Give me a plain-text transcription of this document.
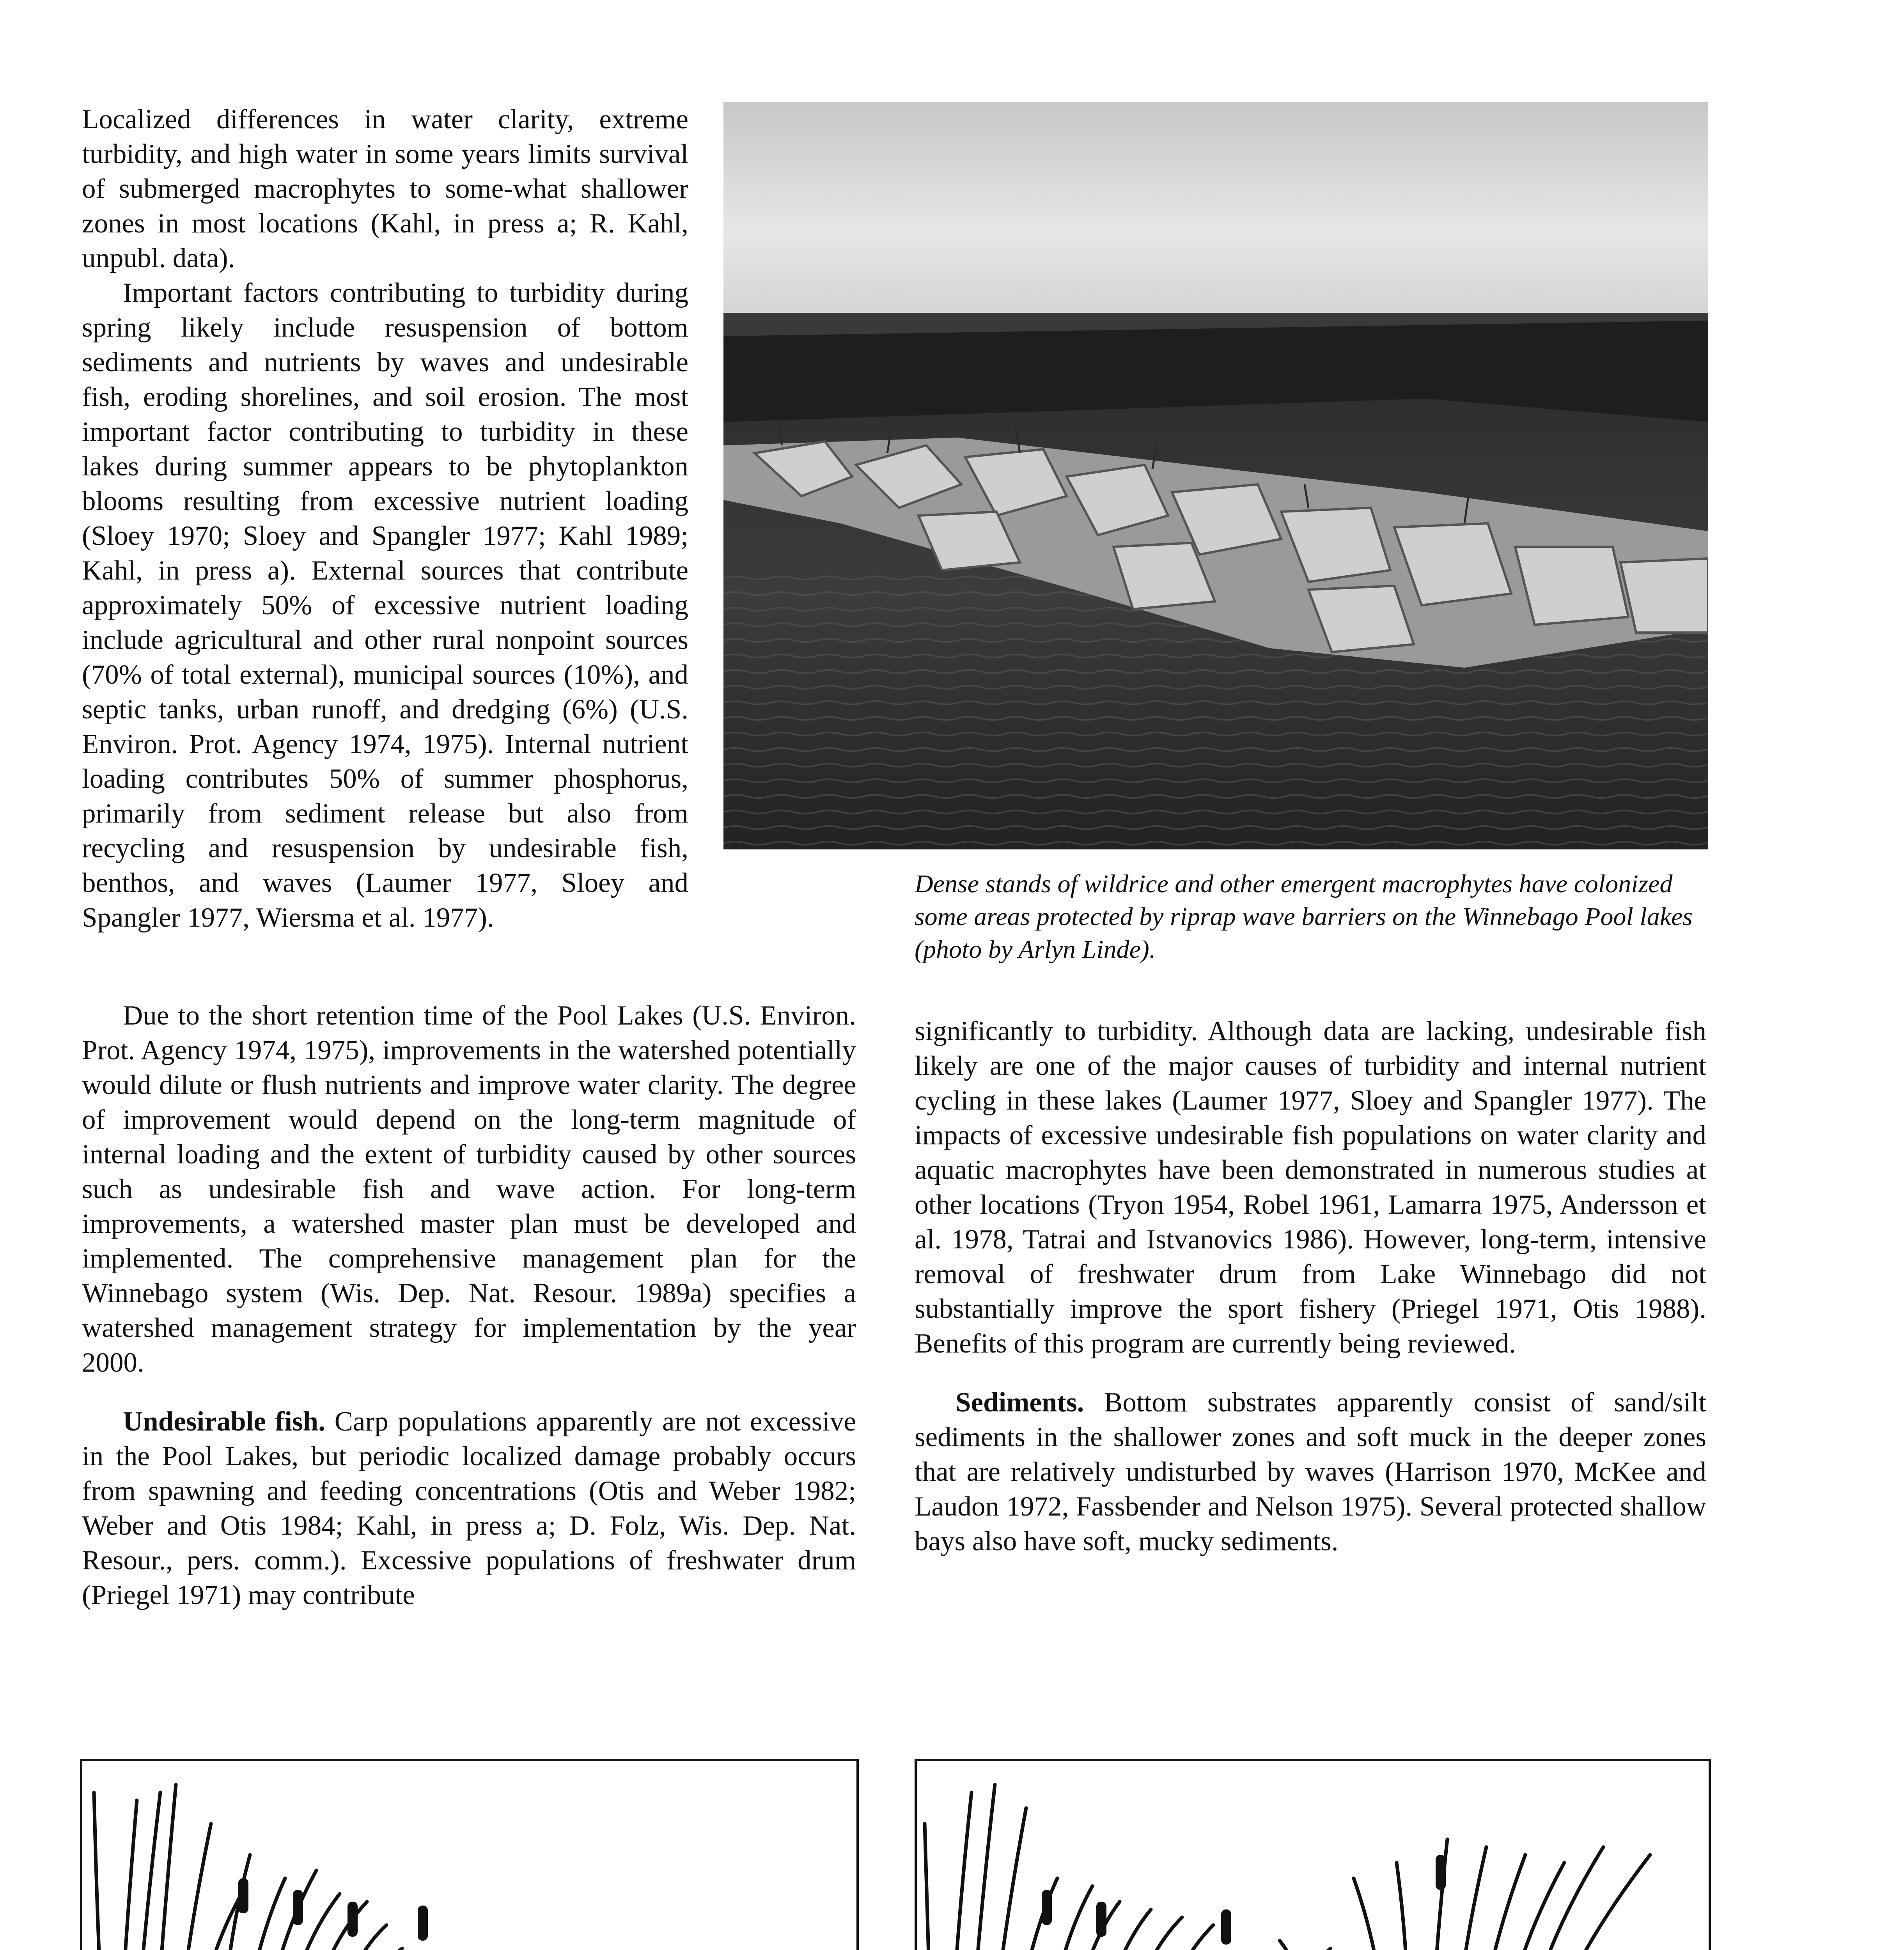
Localized differences in water clarity, extreme turbidity, and high water in some years limits survival of submerged macrophytes to some-what shallower zones in most locations (Kahl, in press a; R. Kahl, unpubl. data).

Important factors contributing to turbidity during spring likely include resuspension of bottom sediments and nutrients by waves and undesirable fish, eroding shorelines, and soil erosion. The most important factor contributing to turbidity in these lakes during summer appears to be phytoplankton blooms resulting from excessive nutrient loading (Sloey 1970; Sloey and Spangler 1977; Kahl 1989; Kahl, in press a). External sources that contribute approximately 50% of excessive nutrient loading include agricultural and other rural nonpoint sources (70% of total external), municipal sources (10%), and septic tanks, urban runoff, and dredging (6%) (U.S. Environ. Prot. Agency 1974, 1975). Internal nutrient loading contributes 50% of summer phosphorus, primarily from sediment release but also from recycling and resuspension by undesirable fish, benthos, and waves (Laumer 1977, Sloey and Spangler 1977, Wiersma et al. 1977).

Dense stands of wildrice and other emergent macrophytes have colonized some areas protected by riprap wave barriers on the Winnebago Pool lakes (photo by Arlyn Linde).

Due to the short retention time of the Pool Lakes (U.S. Environ. Prot. Agency 1974, 1975), improvements in the watershed potentially would dilute or flush nutrients and improve water clarity. The degree of improvement would depend on the long-term magnitude of internal loading and the extent of turbidity caused by other sources such as undesirable fish and wave action. For long-term improvements, a watershed master plan must be developed and implemented. The comprehensive management plan for the Winnebago system (Wis. Dep. Nat. Resour. 1989a) specifies a watershed management strategy for implementation by the year 2000.

Undesirable fish. Carp populations apparently are not excessive in the Pool Lakes, but periodic localized damage probably occurs from spawning and feeding concentrations (Otis and Weber 1982; Weber and Otis 1984; Kahl, in press a; D. Folz, Wis. Dep. Nat. Resour., pers. comm.). Excessive populations of freshwater drum (Priegel 1971) may contribute

significantly to turbidity. Although data are lacking, undesirable fish likely are one of the major causes of turbidity and internal nutrient cycling in these lakes (Laumer 1977, Sloey and Spangler 1977). The impacts of excessive undesirable fish populations on water clarity and aquatic macrophytes have been demonstrated in numerous studies at other locations (Tryon 1954, Robel 1961, Lamarra 1975, Andersson et al. 1978, Tatrai and Istvanovics 1986). However, long-term, intensive removal of freshwater drum from Lake Winnebago did not substantially improve the sport fishery (Priegel 1971, Otis 1988). Benefits of this program are currently being reviewed.

Sediments. Bottom substrates apparently consist of sand/silt sediments in the shallower zones and soft muck in the deeper zones that are relatively undisturbed by waves (Harrison 1970, McKee and Laudon 1972, Fassbender and Nelson 1975). Several protected shallow bays also have soft, mucky sediments.
